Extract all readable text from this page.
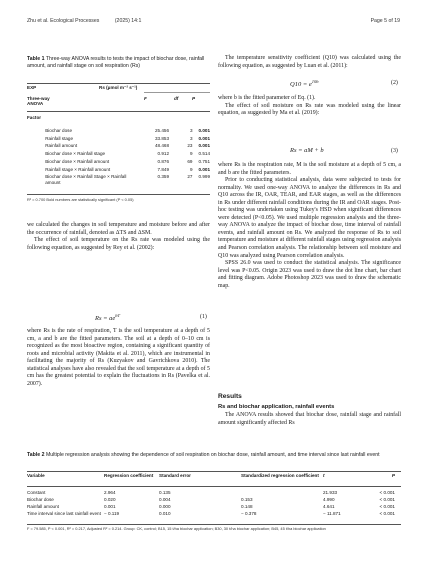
Zhu et al. Ecological Processes	(2025) 14:1	Page 5 of 19
Table 1 Three-way ANOVA results to tests the impact of biochar dose, rainfall amount, and rainfall stage on soil respiration (Rs)
EXP	Rs (μmol m⁻² s⁻¹)
Three-way ANOVA		F	df	P
Factor
	Biochar dose	25.456	3	0.001
	Rainfall stage	33.853	3	0.001
	Rainfall amount	48.468	23	0.001
	Biochar dose × Rainfall stage	0.912	9	0.514
	Biochar dose × Rainfall amount	0.876	69	0.751
	Rainfall stage × Rainfall amount	7.849	9	0.001
	Biochar dose × Rainfall Stage × Rainfall amount	0.359	27	0.999
R² = 0.700 Bold numbers are statistically significant (P < 0.05)

we calculated the changes in soil temperature and moisture before and after the occurrence of rainfall, denoted as ΔTS and ΔSM.

The effect of soil temperature on the Rs rate was modeled using the following equation, as suggested by Rey et al. (2002):

$Rs = ae^{bT}$	(1)

where Rs is the rate of respiration, T is the soil temperature at a depth of 5 cm, a and b are the fitted parameters. The soil at a depth of 0–10 cm is recognized as the most bioactive region, containing a significant quantity of roots and microbial activity (Makita et al. 2011), which are instrumental in facilitating the majority of Rs (Kuzyakov and Gavrichkova 2010). The statistical analyses have also revealed that the soil temperature at a depth of 5 cm has the greatest potential to explain the fluctuations in Rs (Pavelka et al. 2007).

The temperature sensitivity coefficient (Q10) was calculated using the following equation, as suggested by Luan et al. (2011):

$Q10 = e^{10b}$	(2)

where b is the fitted parameter of Eq. (1).

The effect of soil moisture on Rs rate was modeled using the linear equation, as suggested by Ma et al. (2019):

Rs = aM + b	(3)

where Rs is the respiration rate, M is the soil moisture at a depth of 5 cm, a and b are the fitted parameters.

Prior to conducting statistical analysis, data were subjected to tests for normality. We used one-way ANOVA to analyze the differences in Rs and Q10 across the IR, OAR, TEAR, and EAR stages, as well as the differences in Rs under different rainfall conditions during the IR and OAR stages. Post-hoc testing was undertaken using Tukey's HSD when significant differences were detected (P<0.05). We used multiple regression analysis and the three-way ANOVA to analyze the impact of biochar dose, time interval of rainfall events, and rainfall amount on Rs. We analyzed the response of Rs to soil temperature and moisture at different rainfall stages using regression analysis and Pearson correlation analysis. The relationship between soil moisture and Q10 was analyzed using Pearson correlation analysis.

SPSS 26.0 was used to conduct the statistical analysis. The significance level was P<0.05. Origin 2023 was used to draw the dot line chart, bar chart and fitting diagram. Adobe Photoshop 2023 was used to draw the schematic map.

Results
Rs and biochar application, rainfall events

The ANOVA results showed that biochar dose, rainfall stage and rainfall amount significantly affected Rs

Table 2 Multiple regression analysis showing the dependence of soil respiration on biochar dose, rainfall amount, and time interval since last rainfall event
Variable	Regression coefficient	Standard error	Standardized regression coefficient	t	P
Constant	2.964	0.135		21.933	< 0.001
Biochar dose	0.020	0.004	0.153	4.990	< 0.001
Rainfall amount	0.001	0.000	0.148	4.641	< 0.001
Time interval since last rainfall event	− 0.119	0.010	− 0.378	− 11.871	< 0.001
F = 79.585, P < 0.001, R² = 0.217, Adjusted R² = 0.214. Group: CK, control; B15, 15 t/ha biochar application; B30, 30 t/ha biochar application; B45, 45 t/ha biochar application
